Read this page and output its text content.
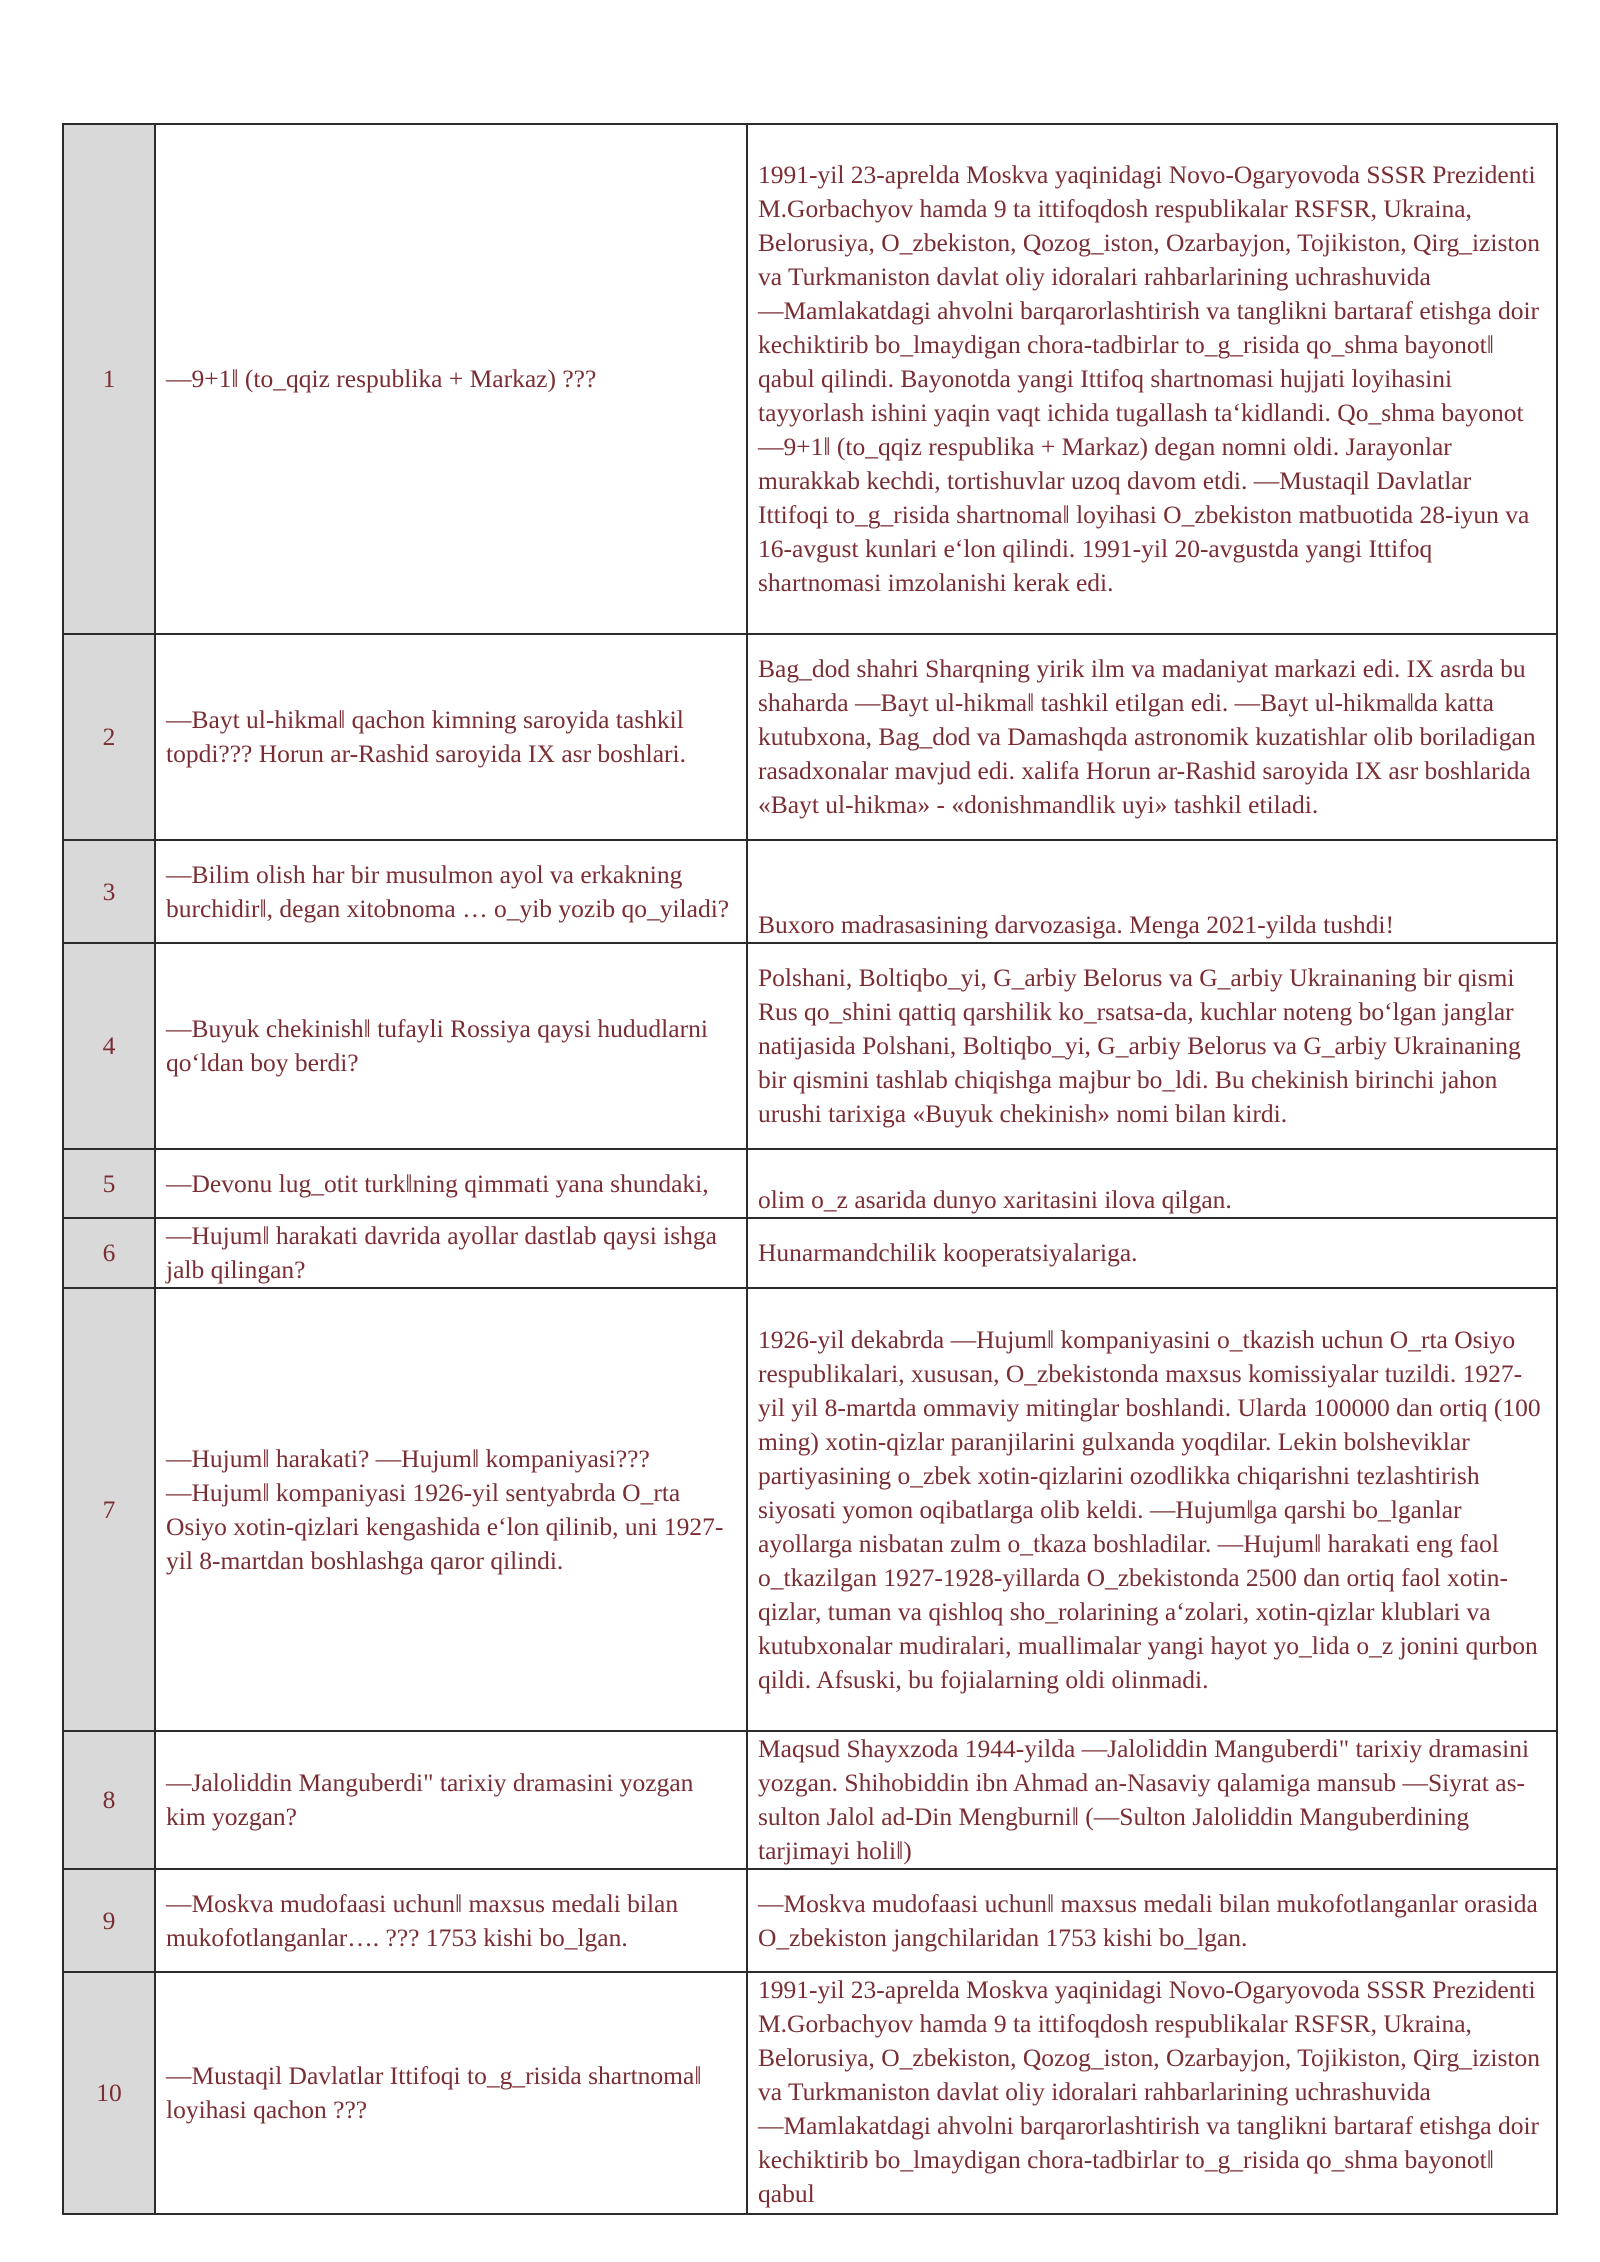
1	―9+1‖ (to_qqiz respublika + Markaz) ???	1991-yil 23-aprelda Moskva yaqinidagi Novo-Ogaryovoda SSSR Prezidenti M.Gorbachyov hamda 9 ta ittifoqdosh respublikalar RSFSR, Ukraina, Belorusiya, O_zbekiston, Qozog_iston, Ozarbayjon, Tojikiston, Qirg_iziston va Turkmaniston davlat oliy idoralari rahbarlarining uchrashuvida ―Mamlakatdagi ahvolni barqarorlashtirish va tanglikni bartaraf etishga doir kechiktirib bo_lmaydigan chora-tadbirlar to_g_risida qo_shma bayonot‖ qabul qilindi. Bayonotda yangi Ittifoq shartnomasi hujjati loyihasini tayyorlash ishini yaqin vaqt ichida tugallash ta‘kidlandi. Qo_shma bayonot ―9+1‖ (to_qqiz respublika + Markaz) degan nomni oldi. Jarayonlar murakkab kechdi, tortishuvlar uzoq davom etdi. ―Mustaqil Davlatlar Ittifoqi to_g_risida shartnoma‖ loyihasi O_zbekiston matbuotida 28-iyun va 16-avgust kunlari e‘lon qilindi. 1991-yil 20-avgustda yangi Ittifoq shartnomasi imzolanishi kerak edi.
2	―Bayt ul-hikma‖ qachon kimning saroyida tashkil topdi??? Horun ar-Rashid saroyida IX asr boshlari.	Bag_dod shahri Sharqning yirik ilm va madaniyat markazi edi. IX asrda bu shaharda ―Bayt ul-hikma‖ tashkil etilgan edi. ―Bayt ul-hikma‖da katta kutubxona, Bag_dod va Damashqda astronomik kuzatishlar olib boriladigan rasadxonalar mavjud edi. xalifa Horun ar-Rashid saroyida IX asr boshlarida «Bayt ul-hikma» - «donishmandlik uyi» tashkil etiladi.
3	―Bilim olish har bir musulmon ayol va erkakning burchidir‖, degan xitobnoma … o_yib yozib qo_yiladi?	Buxoro madrasasining darvozasiga. Menga 2021-yilda tushdi!
4	―Buyuk chekinish‖ tufayli Rossiya qaysi hududlarni qo‘ldan boy berdi?	Polshani, Boltiqbo_yi, G_arbiy Belorus va G_arbiy Ukrainaning bir qismi Rus qo_shini qattiq qarshilik ko_rsatsa-da, kuchlar noteng bo‘lgan janglar natijasida Polshani, Boltiqbo_yi, G_arbiy Belorus va G_arbiy Ukrainaning bir qismini tashlab chiqishga majbur bo_ldi. Bu chekinish birinchi jahon urushi tarixiga «Buyuk chekinish» nomi bilan kirdi.
5	―Devonu lug_otit turk‖ning qimmati yana shundaki,	olim o_z asarida dunyo xaritasini ilova qilgan.
6	―Hujum‖ harakati davrida ayollar dastlab qaysi ishga jalb qilingan?	Hunarmandchilik kooperatsiyalariga.
7	―Hujum‖ harakati? ―Hujum‖ kompaniyasi??? ―Hujum‖ kompaniyasi 1926-yil sentyabrda O_rta Osiyo xotin-qizlari kengashida e‘lon qilinib, uni 1927-yil 8-martdan boshlashga qaror qilindi.	1926-yil dekabrda ―Hujum‖ kompaniyasini o_tkazish uchun O_rta Osiyo respublikalari, xususan, O_zbekistonda maxsus komissiyalar tuzildi. 1927-yil yil 8-martda ommaviy mitinglar boshlandi. Ularda 100000 dan ortiq (100 ming) xotin-qizlar paranjilarini gulxanda yoqdilar. Lekin bolsheviklar partiyasining o_zbek xotin-qizlarini ozodlikka chiqarishni tezlashtirish siyosati yomon oqibatlarga olib keldi. ―Hujum‖ga qarshi bo_lganlar ayollarga nisbatan zulm o_tkaza boshladilar. ―Hujum‖ harakati eng faol o_tkazilgan 1927-1928-yillarda O_zbekistonda 2500 dan ortiq faol xotin-qizlar, tuman va qishloq sho_rolarining a‘zolari, xotin-qizlar klublari va kutubxonalar mudiralari, muallimalar yangi hayot yo_lida o_z jonini qurbon qildi. Afsuski, bu fojialarning oldi olinmadi.
8	―Jaloliddin Manguberdi" tarixiy dramasini yozgan kim yozgan?	Maqsud Shayxzoda 1944-yilda ―Jaloliddin Manguberdi" tarixiy dramasini yozgan. Shihobiddin ibn Ahmad an-Nasaviy qalamiga mansub ―Siyrat as-sulton Jalol ad-Din Mengburni‖ (―Sulton Jaloliddin Manguberdining tarjimayi holi‖)
9	―Moskva mudofaasi uchun‖ maxsus medali bilan mukofotlanganlar…. ??? 1753 kishi bo_lgan.	―Moskva mudofaasi uchun‖ maxsus medali bilan mukofotlanganlar orasida O_zbekiston jangchilaridan 1753 kishi bo_lgan.
10	―Mustaqil Davlatlar Ittifoqi to_g_risida shartnoma‖ loyihasi qachon ???	1991-yil 23-aprelda Moskva yaqinidagi Novo-Ogaryovoda SSSR Prezidenti M.Gorbachyov hamda 9 ta ittifoqdosh respublikalar RSFSR, Ukraina, Belorusiya, O_zbekiston, Qozog_iston, Ozarbayjon, Tojikiston, Qirg_iziston va Turkmaniston davlat oliy idoralari rahbarlarining uchrashuvida ―Mamlakatdagi ahvolni barqarorlashtirish va tanglikni bartaraf etishga doir kechiktirib bo_lmaydigan chora-tadbirlar to_g_risida qo_shma bayonot‖ qabul
